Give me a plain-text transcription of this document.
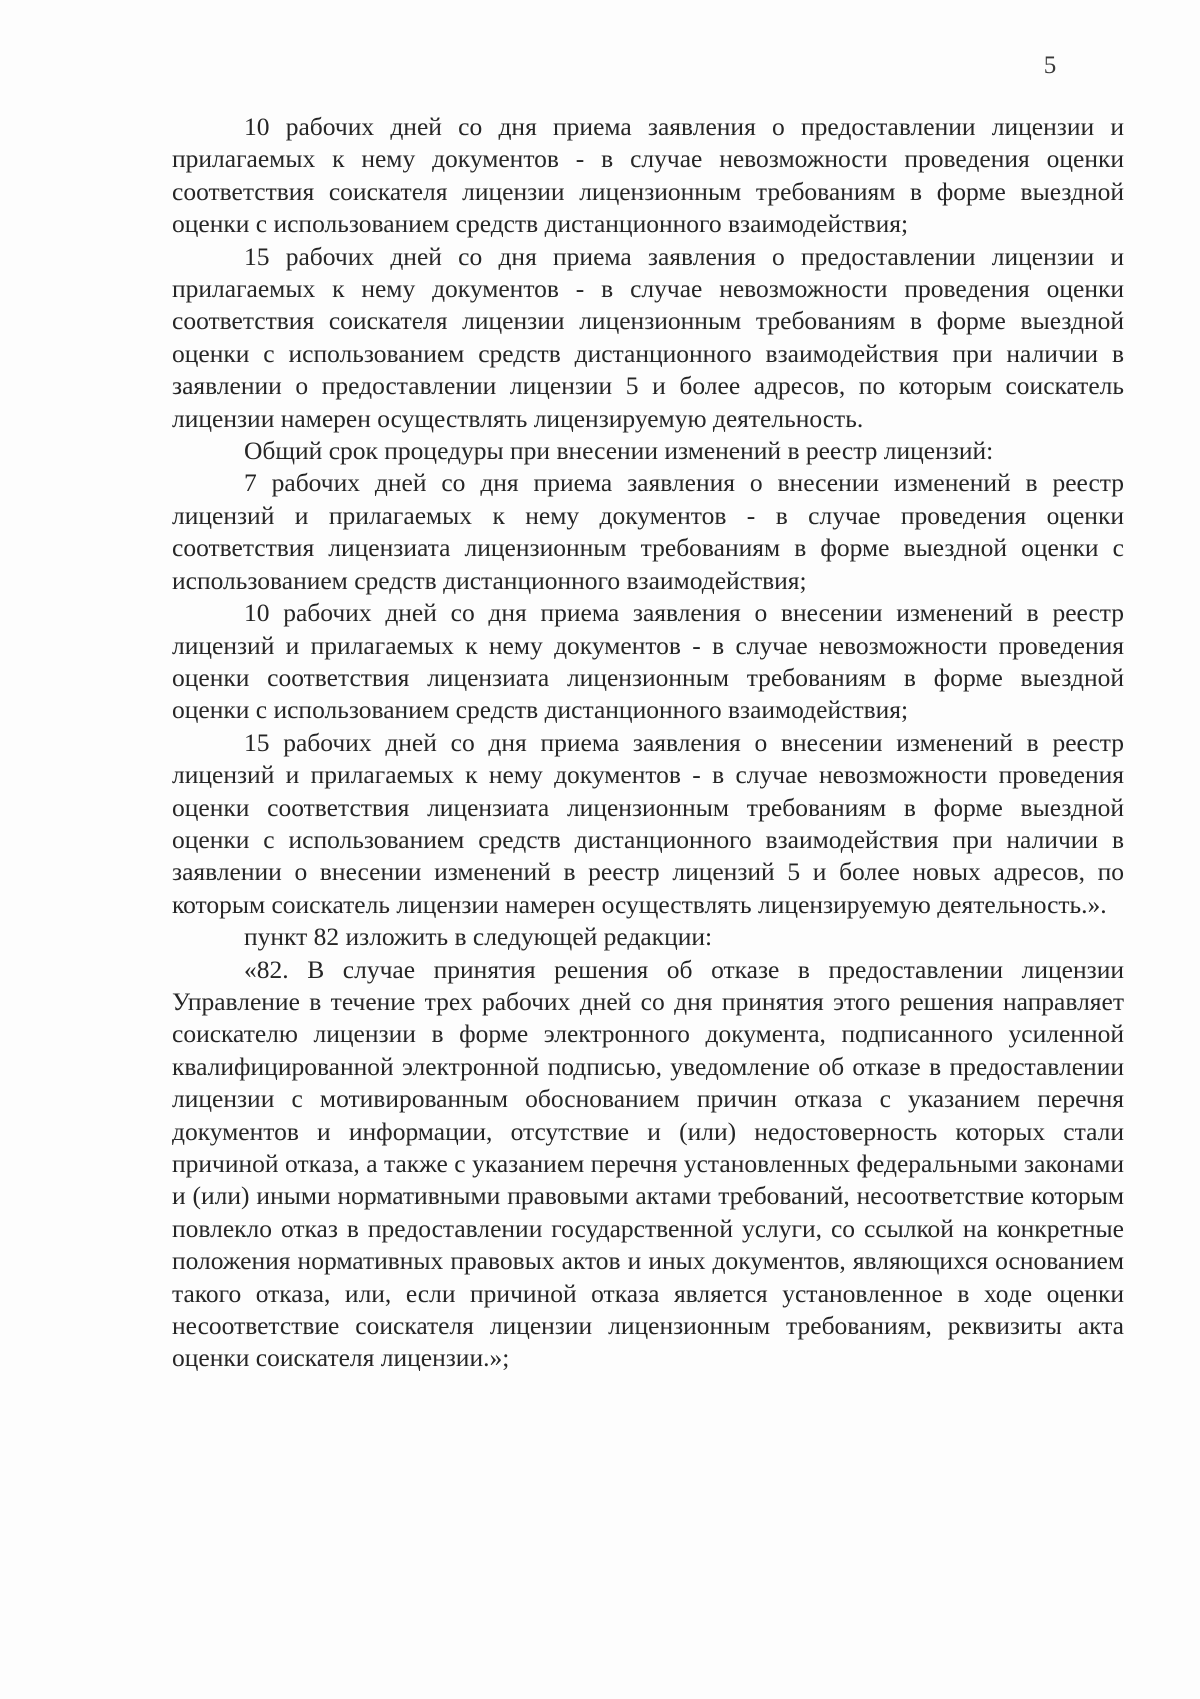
5

10 рабочих дней со дня приема заявления о предоставлении лицензии и прилагаемых к нему документов - в случае невозможности проведения оценки соответствия соискателя лицензии лицензионным требованиям в форме выездной оценки с использованием средств дистанционного взаимодействия;

15 рабочих дней со дня приема заявления о предоставлении лицензии и прилагаемых к нему документов - в случае невозможности проведения оценки соответствия соискателя лицензии лицензионным требованиям в форме выездной оценки с использованием средств дистанционного взаимодействия при наличии в заявлении о предоставлении лицензии 5 и более адресов, по которым соискатель лицензии намерен осуществлять лицензируемую деятельность.

Общий срок процедуры при внесении изменений в реестр лицензий:

7 рабочих дней со дня приема заявления о внесении изменений в реестр лицензий и прилагаемых к нему документов - в случае проведения оценки соответствия лицензиата лицензионным требованиям в форме выездной оценки с использованием средств дистанционного взаимодействия;

10 рабочих дней со дня приема заявления о внесении изменений в реестр лицензий и прилагаемых к нему документов - в случае невозможности проведения оценки соответствия лицензиата лицензионным требованиям в форме выездной оценки с использованием средств дистанционного взаимодействия;

15 рабочих дней со дня приема заявления о внесении изменений в реестр лицензий и прилагаемых к нему документов - в случае невозможности проведения оценки соответствия лицензиата лицензионным требованиям в форме выездной оценки с использованием средств дистанционного взаимодействия при наличии в заявлении о внесении изменений в реестр лицензий 5 и более новых адресов, по которым соискатель лицензии намерен осуществлять лицензируемую деятельность.».

пункт 82 изложить в следующей редакции:

«82. В случае принятия решения об отказе в предоставлении лицензии Управление в течение трех рабочих дней со дня принятия этого решения направляет соискателю лицензии в форме электронного документа, подписанного усиленной квалифицированной электронной подписью, уведомление об отказе в предоставлении лицензии с мотивированным обоснованием причин отказа с указанием перечня документов и информации, отсутствие и (или) недостоверность которых стали причиной отказа, а также с указанием перечня установленных федеральными законами и (или) иными нормативными правовыми актами требований, несоответствие которым повлекло отказ в предоставлении государственной услуги, со ссылкой на конкретные положения нормативных правовых актов и иных документов, являющихся основанием такого отказа, или, если причиной отказа является установленное в ходе оценки несоответствие соискателя лицензии лицензионным требованиям, реквизиты акта оценки соискателя лицензии.»;
